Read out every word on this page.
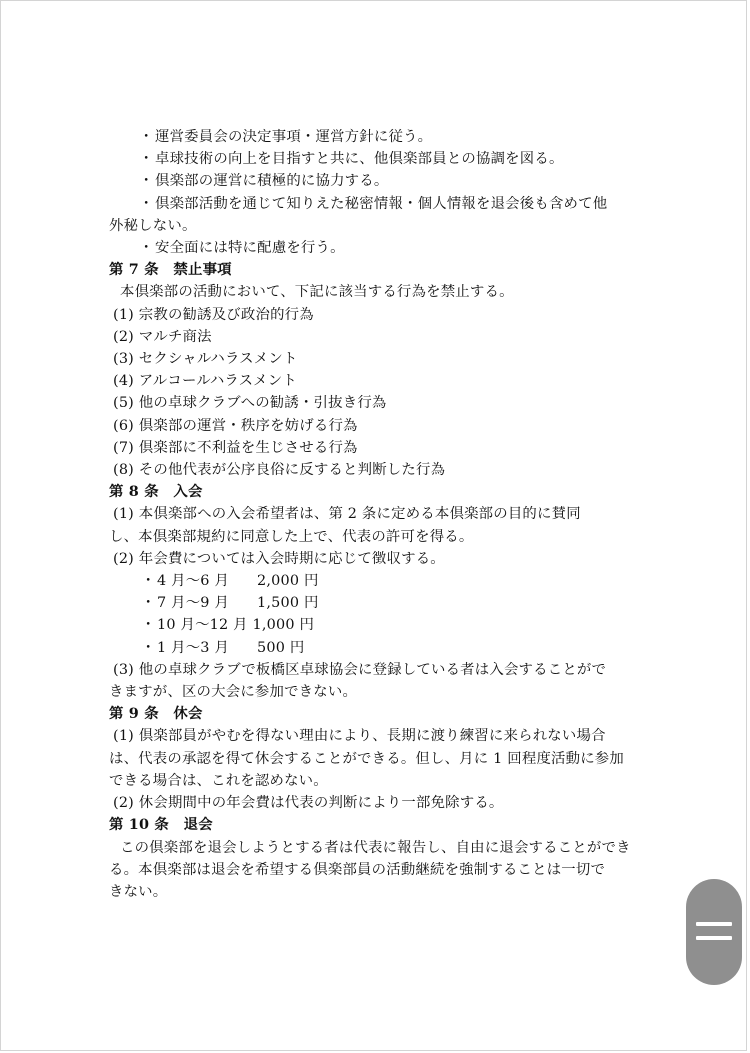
・運営委員会の決定事項・運営方針に従う。
・卓球技術の向上を目指すと共に、他倶楽部員との協調を図る。
・倶楽部の運営に積極的に協力する。
・倶楽部活動を通じて知りえた秘密情報・個人情報を退会後も含めて他
外秘しない。
・安全面には特に配慮を行う。
第 7 条　禁止事項
本倶楽部の活動において、下記に該当する行為を禁止する。
(1) 宗教の勧誘及び政治的行為
(2) マルチ商法
(3) セクシャルハラスメント
(4) アルコールハラスメント
(5) 他の卓球クラブへの勧誘・引抜き行為
(6) 倶楽部の運営・秩序を妨げる行為
(7) 倶楽部に不利益を生じさせる行為
(8) その他代表が公序良俗に反すると判断した行為
第 8 条　入会
(1) 本倶楽部への入会希望者は、第 2 条に定める本倶楽部の目的に賛同
し、本倶楽部規約に同意した上で、代表の許可を得る。
(2) 年会費については入会時期に応じて徴収する。
・4 月～6 月 2,000 円
・7 月～9 月 1,500 円
・10 月～12 月 1,000 円
・1 月～3 月 500 円
(3) 他の卓球クラブで板橋区卓球協会に登録している者は入会することがで
きますが、区の大会に参加できない。
第 9 条　休会
(1) 倶楽部員がやむを得ない理由により、長期に渡り練習に来られない場合
は、代表の承認を得て休会することができる。但し、月に 1 回程度活動に参加
できる場合は、これを認めない。
(2) 休会期間中の年会費は代表の判断により一部免除する。
第 10 条　退会
この倶楽部を退会しようとする者は代表に報告し、自由に退会することができ
る。本倶楽部は退会を希望する倶楽部員の活動継続を強制することは一切で
きない。
